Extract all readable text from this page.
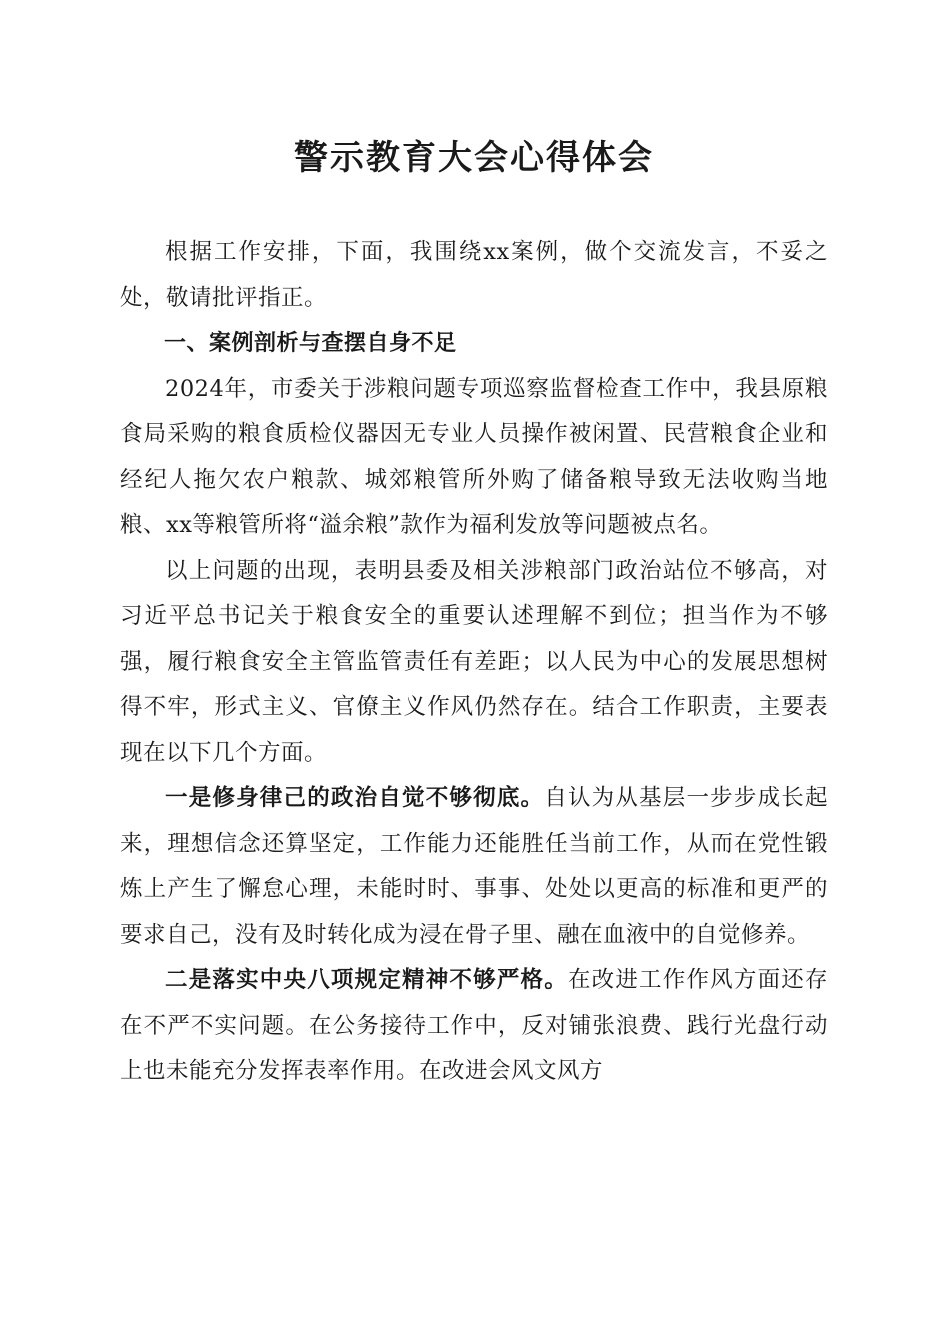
警示教育大会心得体会

根据工作安排，下面，我围绕xx案例，做个交流发言，不妥之处，敬请批评指正。

一、案例剖析与查摆自身不足

2024年，市委关于涉粮问题专项巡察监督检查工作中，我县原粮食局采购的粮食质检仪器因无专业人员操作被闲置、民营粮食企业和经纪人拖欠农户粮款、城郊粮管所外购了储备粮导致无法收购当地粮、xx等粮管所将“溢余粮”款作为福利发放等问题被点名。

以上问题的出现，表明县委及相关涉粮部门政治站位不够高，对习近平总书记关于粮食安全的重要认述理解不到位；担当作为不够强，履行粮食安全主管监管责任有差距；以人民为中心的发展思想树得不牢，形式主义、官僚主义作风仍然存在。结合工作职责，主要表现在以下几个方面。

一是修身律己的政治自觉不够彻底。自认为从基层一步步成长起来，理想信念还算坚定，工作能力还能胜任当前工作，从而在党性锻炼上产生了懈怠心理，未能时时、事事、处处以更高的标准和更严的要求自己，没有及时转化成为浸在骨子里、融在血液中的自觉修养。

二是落实中央八项规定精神不够严格。在改进工作作风方面还存在不严不实问题。在公务接待工作中，反对铺张浪费、践行光盘行动上也未能充分发挥表率作用。在改进会风文风方
